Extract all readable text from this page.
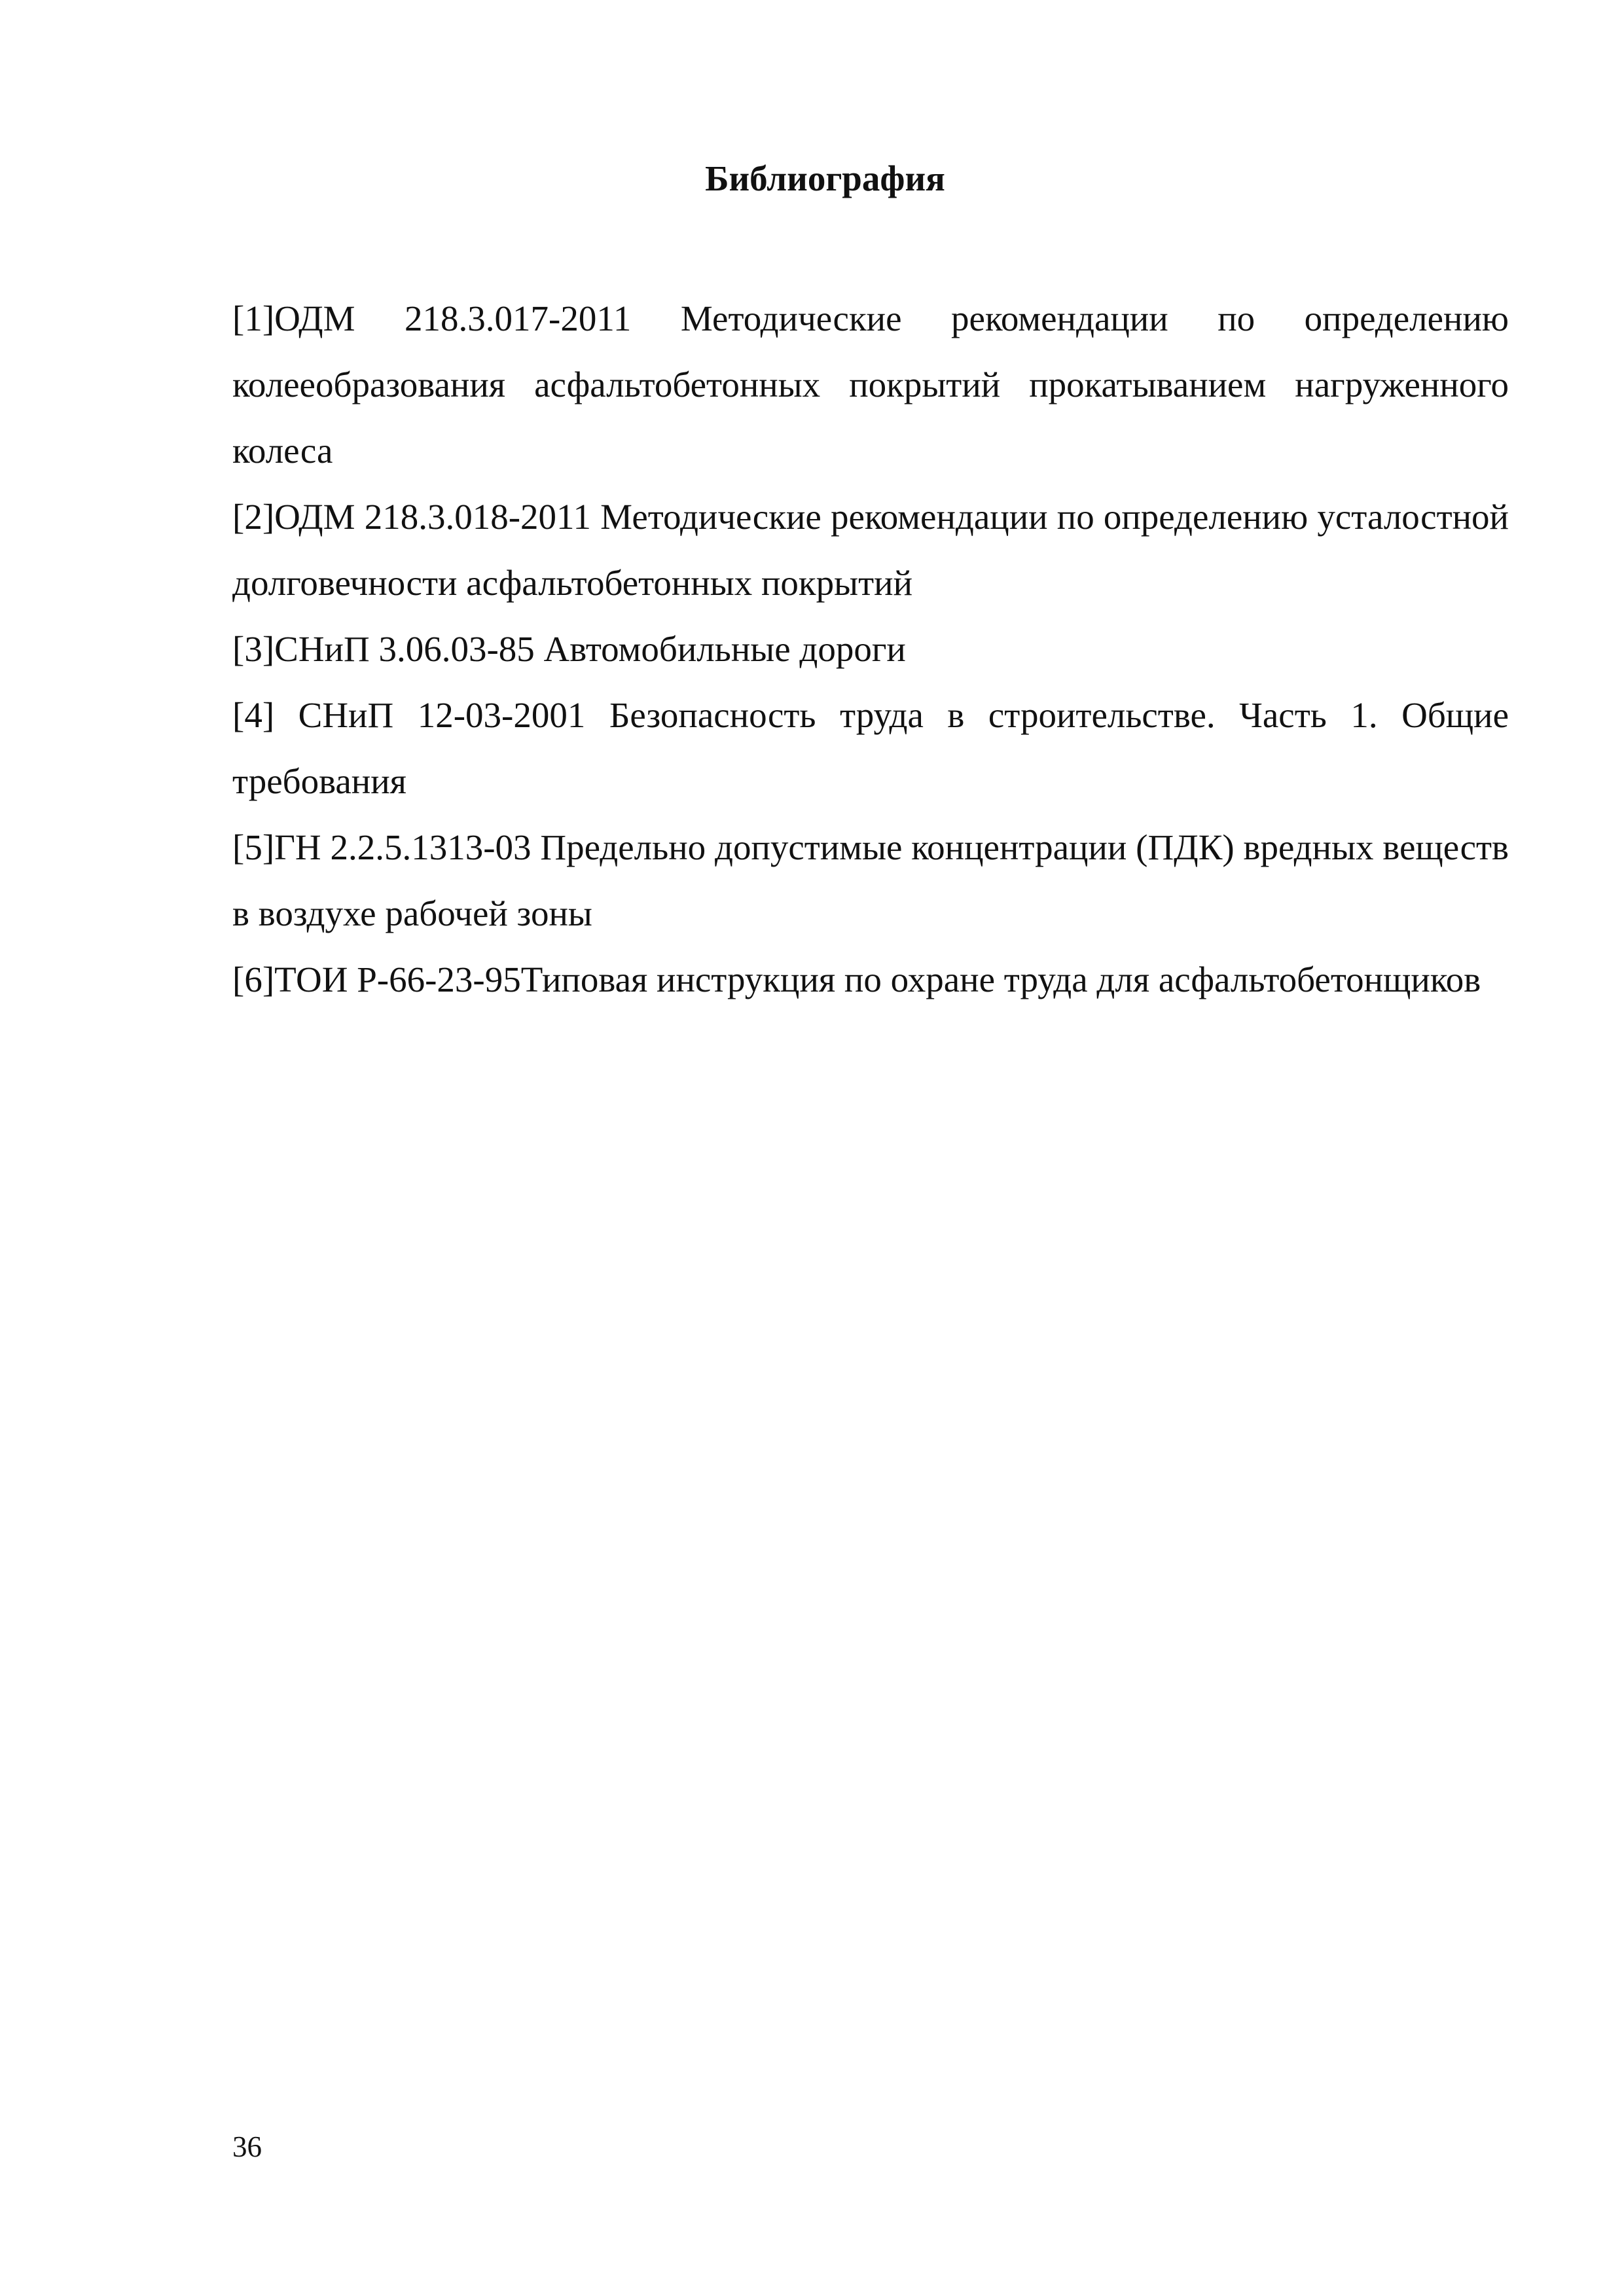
Библиография
[1]ОДМ 218.3.017-2011 Методические рекомендации по определению колееобразования асфальтобетонных покрытий прокатыванием нагруженного колеса
[2]ОДМ 218.3.018-2011 Методические рекомендации по определению усталостной долговечности асфальтобетонных покрытий
[3]СНиП 3.06.03-85 Автомобильные дороги
[4] СНиП 12-03-2001 Безопасность труда в строительстве. Часть 1. Общие требования
[5]ГН 2.2.5.1313-03 Предельно допустимые концентрации (ПДК) вредных веществ в воздухе рабочей зоны
[6]ТОИ Р-66-23-95Типовая инструкция по охране труда для асфальтобетонщиков
36
